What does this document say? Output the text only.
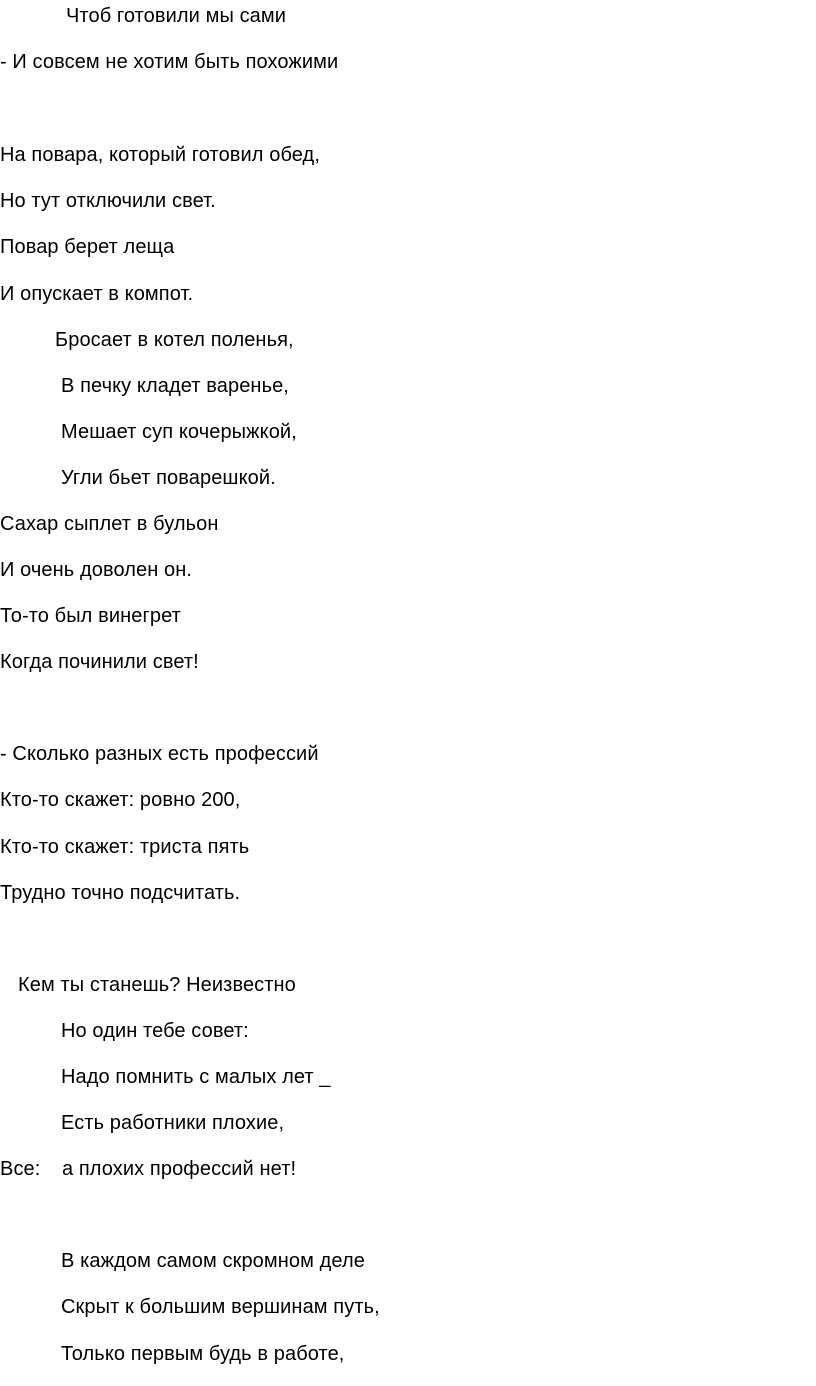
Чтоб готовили мы сами
- И совсем не хотим быть похожими
На повара, который готовил обед,
Но тут отключили свет.
Повар берет леща
И опускает в компот.
Бросает в котел поленья,
В печку кладет варенье,
Мешает суп кочерыжкой,
Угли бьет поварешкой.
Сахар сыплет в бульон
И очень доволен он.
То-то был винегрет
Когда починили свет!
- Сколько разных есть профессий
Кто-то скажет: ровно 200,
Кто-то скажет: триста пять
Трудно точно подсчитать.
Кем ты станешь? Неизвестно
Но один тебе совет:
Надо помнить с малых лет _
Есть работники плохие,
Все: а плохих профессий нет!
В каждом самом скромном деле
Скрыт к большим вершинам путь,
Только первым будь в работе,
